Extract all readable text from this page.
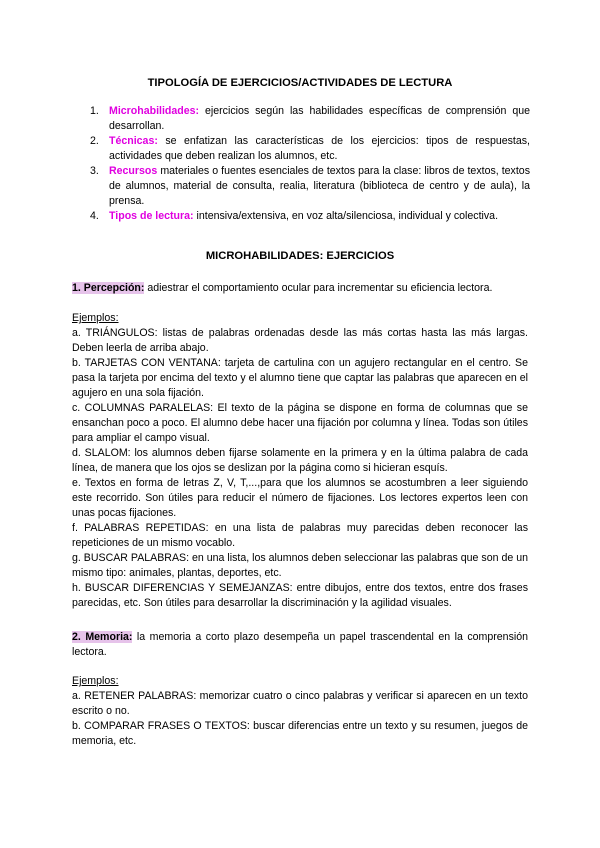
TIPOLOGÍA DE EJERCICIOS/ACTIVIDADES DE LECTURA
1. Microhabilidades: ejercicios según las habilidades específicas de comprensión que desarrollan.
2. Técnicas: se enfatizan las características de los ejercicios: tipos de respuestas, actividades que deben realizan los alumnos, etc.
3. Recursos materiales o fuentes esenciales de textos para la clase: libros de textos, textos de alumnos, material de consulta, realia, literatura (biblioteca de centro y de aula), la prensa.
4. Tipos de lectura: intensiva/extensiva, en voz alta/silenciosa, individual y colectiva.
MICROHABILIDADES: EJERCICIOS
1. Percepción: adiestrar el comportamiento ocular para incrementar su eficiencia lectora.
Ejemplos:
a. TRIÁNGULOS: listas de palabras ordenadas desde las más cortas hasta las más largas. Deben leerla de arriba abajo.
b. TARJETAS CON VENTANA: tarjeta de cartulina con un agujero rectangular en el centro. Se pasa la tarjeta por encima del texto y el alumno tiene que captar las palabras que aparecen en el agujero en una sola fijación.
c. COLUMNAS PARALELAS: El texto de la página se dispone en forma de columnas que se ensanchan poco a poco. El alumno debe hacer una fijación por columna y línea. Todas son útiles para ampliar el campo visual.
d. SLALOM: los alumnos deben fijarse solamente en la primera y en la última palabra de cada línea, de manera que los ojos se deslizan por la página como si hicieran esquís.
e. Textos en forma de letras Z, V, T,...,para que los alumnos se acostumbren a leer siguiendo este recorrido. Son útiles para reducir el número de fijaciones. Los lectores expertos leen con unas pocas fijaciones.
f. PALABRAS REPETIDAS: en una lista de palabras muy parecidas deben reconocer las repeticiones de un mismo vocablo.
g. BUSCAR PALABRAS: en una lista, los alumnos deben seleccionar las palabras que son de un mismo tipo: animales, plantas, deportes, etc.
h. BUSCAR DIFERENCIAS Y SEMEJANZAS: entre dibujos, entre dos textos, entre dos frases parecidas, etc. Son útiles para desarrollar la discriminación y la agilidad visuales.
2. Memoria: la memoria a corto plazo desempeña un papel trascendental en la comprensión lectora.
Ejemplos:
a. RETENER PALABRAS: memorizar cuatro o cinco palabras y verificar si aparecen en un texto escrito o no.
b. COMPARAR FRASES O TEXTOS: buscar diferencias entre un texto y su resumen, juegos de memoria, etc.
